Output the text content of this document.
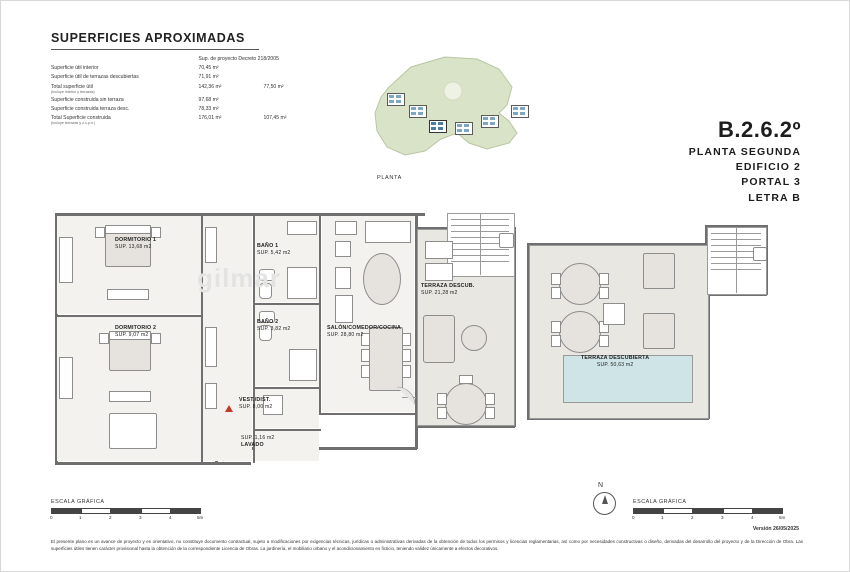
SUPERFICIES APROXIMADAS
	Sup. de proyecto Decreto 218/2005	
Superficie útil interior	70,45 m²	
Superficie útil de terrazas descubiertas	71,91 m²	
Total superficie útil
(Incluye interior y terrazas)	142,36 m²	77,50 m²
Superficie construida sin terraza	97,68 m²	
Superficie construida terraza desc.	78,33 m²	
Total Superficie construida
(Incluye terrazas y z.c.p.n.)	176,01 m²	107,45 m²	B.2.6.2º
PLANTA SEGUNDA
EDIFICIO 2
PORTAL 3
LETRA B
PLANTA
gilmar
DORMITORIO 1
SUP. 13,68 m2
DORMITORIO 2
SUP. 9,07 m2
BAÑO 1
SUP. 5,42 m2
BAÑO 2
SUP. 3,82 m2	SALÓN/COMEDOR/COCINA
SUP. 28,80 m2
VEST./DIST.
SUP. 8,00 m2
SUP. 1,16 m2
LAVADO
TERRAZA DESCUB.
SUP. 21,28 m2
TERRAZA DESCUBIERTA
SUP. 50,63 m2
ESCALA GRÁFICA
0	1	2	3	4	5m
N
ESCALA GRÁFICA
0	1	2	3	4	5m
Versión 26/05/2025
El presente plano es un avance de proyecto y es orientativo, no constituye documento contractual, sujeto a modificaciones por exigencias técnicas, jurídicas o administrativas derivadas de la obtención de todos los permisos y licencias reglamentarias, así como por necesidades constructivas o diseño, derivadas del desarrollo del proyecto y de la Dirección de Obra. Las superficies útiles tienen carácter provisional hasta la obtención de la correspondiente Licencia de Obras. La jardinería, el mobiliario urbano y el acondicionamiento es ficticio, teniendo validez únicamente a efectos decorativos.
